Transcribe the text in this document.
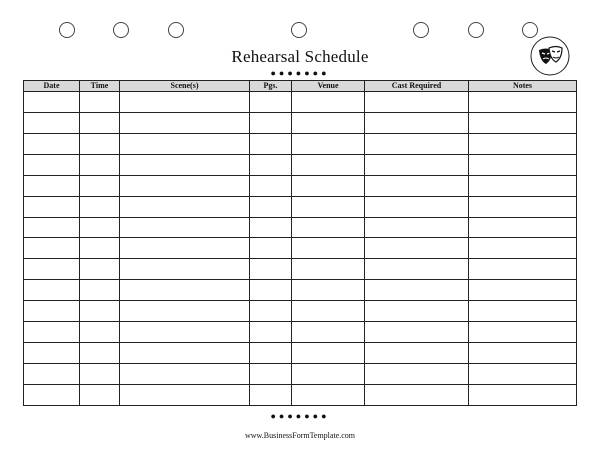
Rehearsal Schedule
●●●●●●●
Date	Time	Scene(s)	Pgs.	Venue	Cast Required	Notes

●●●●●●●
www.BusinessFormTemplate.com
